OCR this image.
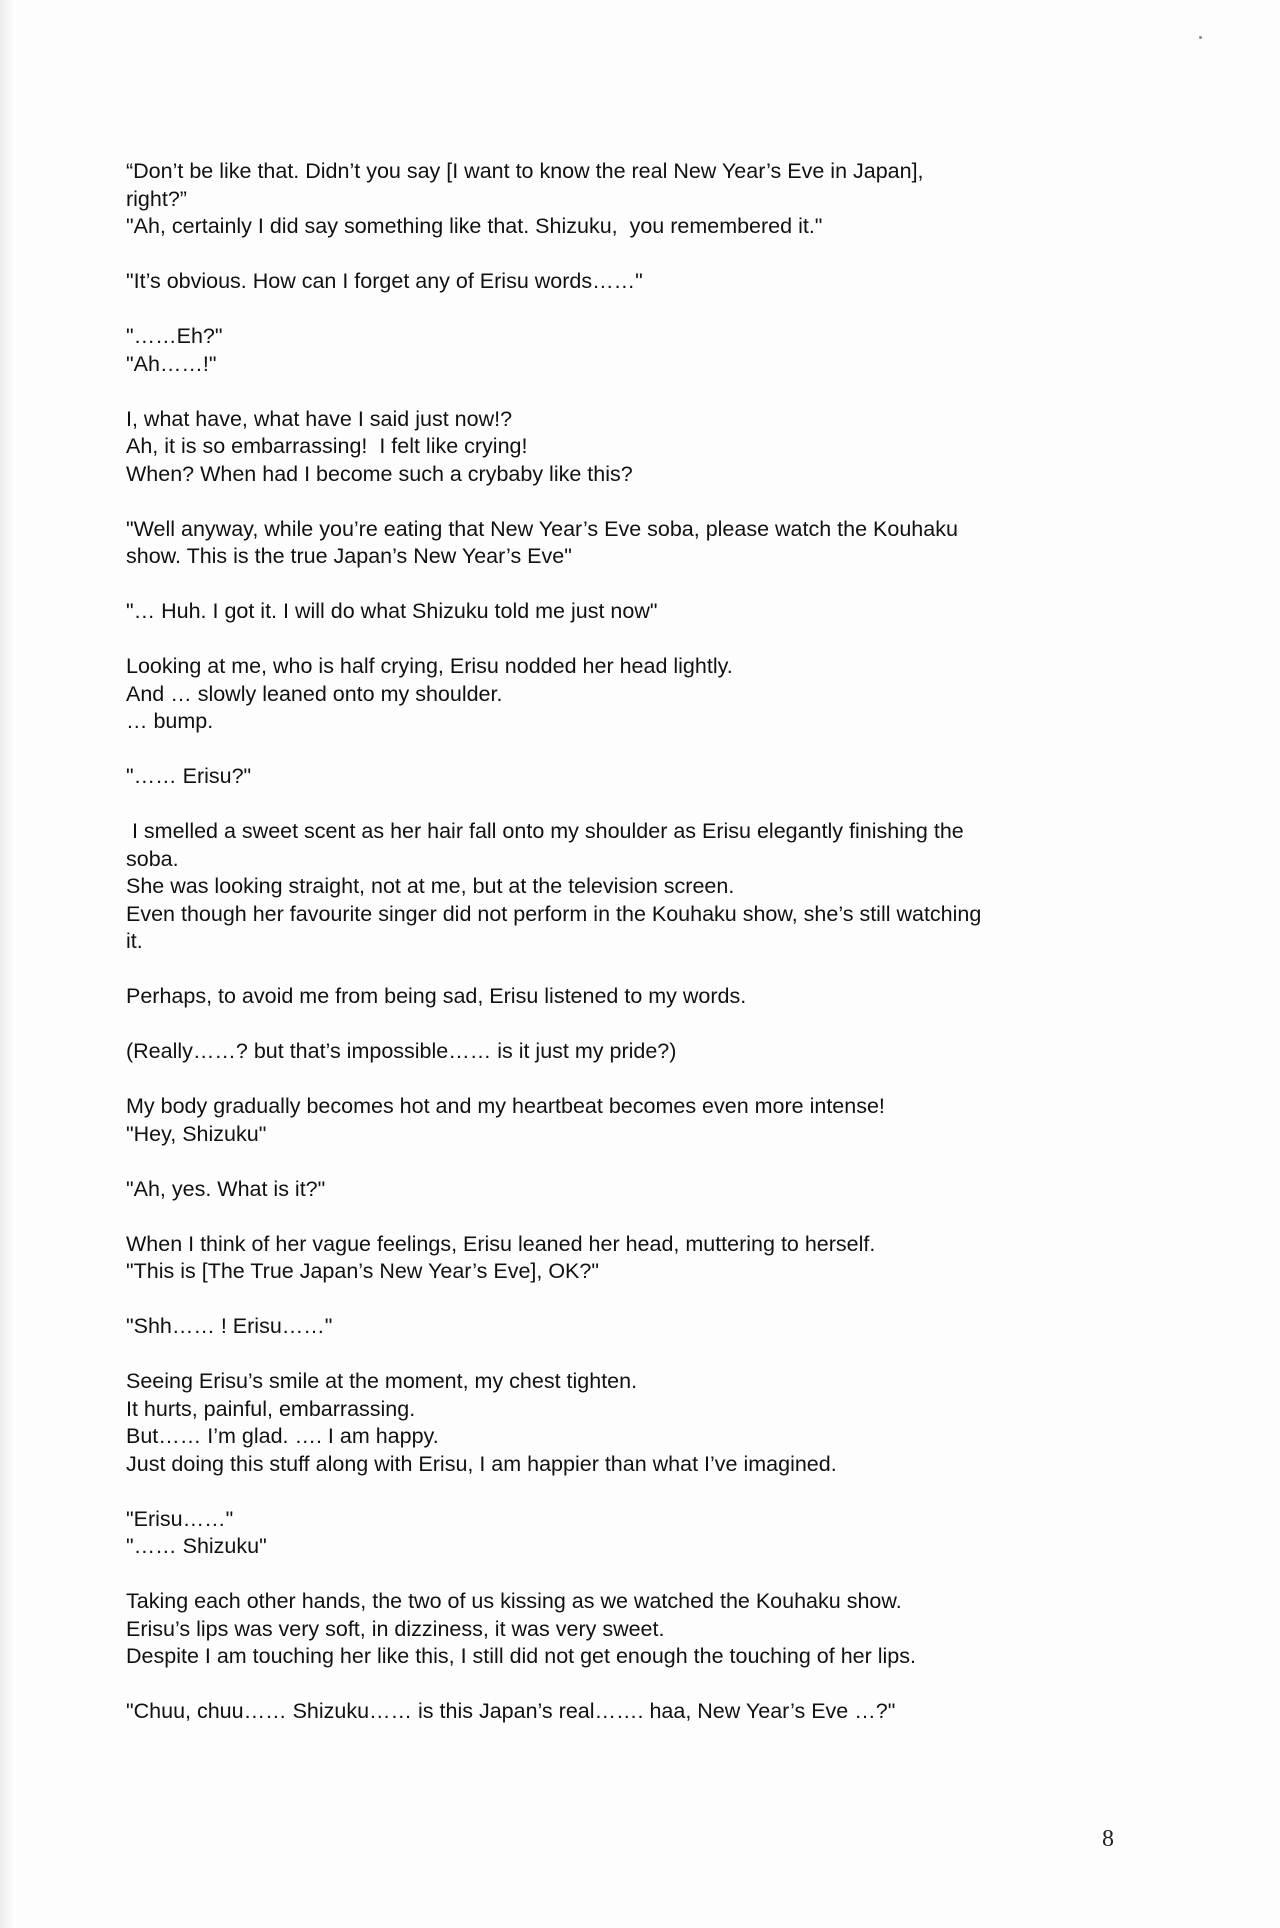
“Don’t be like that. Didn’t you say [I want to know the real New Year’s Eve in Japan],
right?”
"Ah, certainly I did say something like that. Shizuku,  you remembered it."
"It’s obvious. How can I forget any of Erisu words……"
"……Eh?"
"Ah……!"
I, what have, what have I said just now!?
Ah, it is so embarrassing!  I felt like crying!
When? When had I become such a crybaby like this?
"Well anyway, while you’re eating that New Year’s Eve soba, please watch the Kouhaku
show. This is the true Japan’s New Year’s Eve"
"… Huh. I got it. I will do what Shizuku told me just now"
Looking at me, who is half crying, Erisu nodded her head lightly.
And … slowly leaned onto my shoulder.
… bump.
"…… Erisu?"
I smelled a sweet scent as her hair fall onto my shoulder as Erisu elegantly finishing the
soba.
She was looking straight, not at me, but at the television screen.
Even though her favourite singer did not perform in the Kouhaku show, she’s still watching
it.
Perhaps, to avoid me from being sad, Erisu listened to my words.
(Really……? but that’s impossible…… is it just my pride?)
My body gradually becomes hot and my heartbeat becomes even more intense!
"Hey, Shizuku"
"Ah, yes. What is it?"
When I think of her vague feelings, Erisu leaned her head, muttering to herself.
"This is [The True Japan’s New Year’s Eve], OK?"
"Shh…… ! Erisu……"
Seeing Erisu’s smile at the moment, my chest tighten.
It hurts, painful, embarrassing.
But…… I’m glad. …. I am happy.
Just doing this stuff along with Erisu, I am happier than what I’ve imagined.
"Erisu……"
"…… Shizuku"
Taking each other hands, the two of us kissing as we watched the Kouhaku show.
Erisu’s lips was very soft, in dizziness, it was very sweet.
Despite I am touching her like this, I still did not get enough the touching of her lips.
"Chuu, chuu…… Shizuku…… is this Japan’s real……. haa, New Year’s Eve …?"
8
